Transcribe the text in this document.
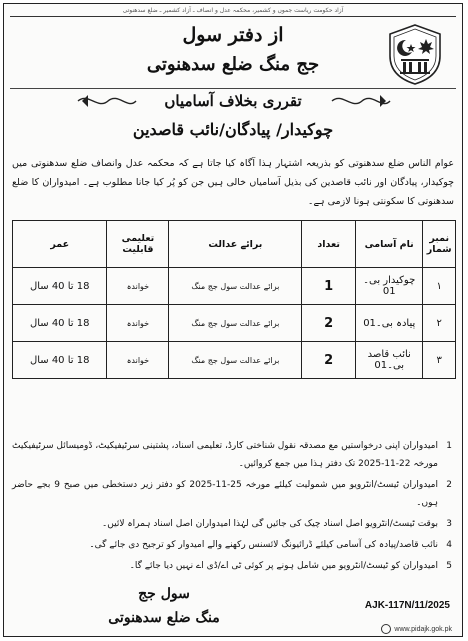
آزاد حکومت ریاست جموں و کشمیر، محکمہ عدل و انصاف ـ آزاد کشمیر ـ ضلع سدھنوتی
از دفتر سول
جج منگ ضلع سدھنوتی
تقرری بخلاف آسامیاں
چوکیدار/ پیادگان/نائب قاصدین
عوام الناس ضلع سدھنوتی کو بذریعہ اشتہار ہذا آگاہ کیا جاتا ہے کہ محکمہ عدل وانصاف ضلع سدھنوتی میں چوکیدار، پیادگان اور نائب قاصدین کی بذیل آسامیاں خالی ہیں جن کو پُر کیا جانا مطلوب ہے۔ امیدواران کا ضلع سدھنوتی کا سکونتی ہونا لازمی ہے۔
نمبر شمار	نام آسامی	تعداد	برائے عدالت	تعلیمی قابلیت	عمر
۱	چوکیدار بی۔01	1	برائے عدالت سول جج منگ	خواندہ	18 تا 40 سال
۲	پیادہ بی۔01	2	برائے عدالت سول جج منگ	خواندہ	18 تا 40 سال
۳	نائب قاصد بی۔01	2	برائے عدالت سول جج منگ	خواندہ	18 تا 40 سال
1
امیدواران اپنی درخواستیں مع مصدقہ نقول شناختی کارڈ، تعلیمی اسناد، پشتینی سرٹیفیکیٹ، ڈومیسائل سرٹیفیکیٹ مورخہ 22-11-2025 تک دفتر ہذا میں جمع کروائیں۔
2
امیدواران ٹیسٹ/انٹرویو میں شمولیت کیلئے مورخہ 25-11-2025 کو دفتر زیر دستخطی میں صبح 9 بجے حاضر ہوں۔
3
بوقت ٹیسٹ/انٹرویو اصل اسناد چیک کی جائیں گی لہٰذا امیدواران اصل اسناد ہمراہ لائیں۔
4
نائب قاصد/پیادہ کی آسامی کیلئے ڈرائیونگ لائسنس رکھنے والے امیدوار کو ترجیح دی جائے گی۔
5
امیدواران کو ٹیسٹ/انٹرویو میں شامل ہونے پر کوئی ٹی اے/ڈی اے نہیں دیا جائے گا۔
سول جج
منگ ضلع سدھنوتی
AJK-117N/11/2025
www.pidajk.gok.pk
